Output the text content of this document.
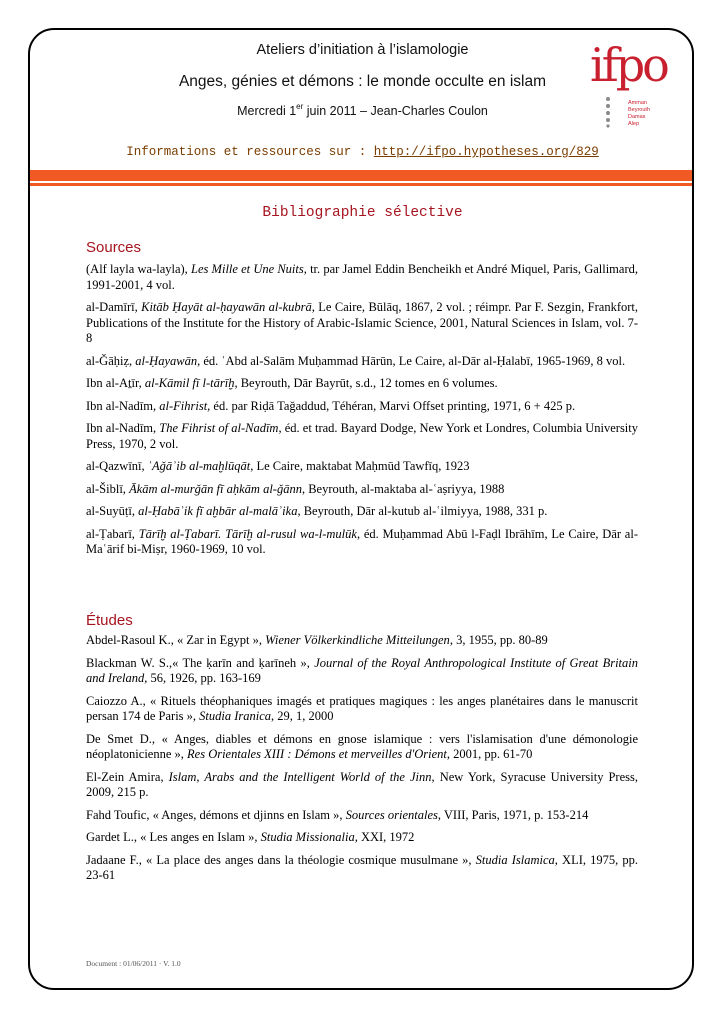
Ateliers d’initiation à l’islamologie
Anges, génies et démons : le monde occulte en islam
Mercredi 1er juin 2011 – Jean-Charles Coulon
ifpo
Amman
Beyrouth
Damas
Alep
Informations et ressources sur : http://ifpo.hypotheses.org/829
Bibliographie sélective
Sources

(Alf layla wa-layla), Les Mille et Une Nuits, tr. par Jamel Eddin Bencheikh et André Miquel, Paris, Gallimard, 1991-2001, 4 vol.

al-Damīrī, Kitāb Ḥayāt al-ḥayawān al-kubrā, Le Caire, Būlāq, 1867, 2 vol. ; réimpr. Par F. Sezgin, Frankfort, Publications of the Institute for the History of Arabic-Islamic Science, 2001, Natural Sciences in Islam, vol. 7-8

al-Ǧāḥiẓ, al-Ḥayawān, éd. ʿAbd al-Salām Muḥammad Hārūn, Le Caire, al-Dār al-Ḥalabī, 1965-1969, 8 vol.

Ibn al-Aṯīr, al-Kāmil fī l-tārīḫ, Beyrouth, Dār Bayrūt, s.d., 12 tomes en 6 volumes.

Ibn al-Nadīm, al-Fihrist, éd. par Riḍā Taǧaddud, Téhéran, Marvi Offset printing, 1971, 6 + 425 p.

Ibn al-Nadīm, The Fihrist of al-Nadīm, éd. et trad. Bayard Dodge, New York et Londres, Columbia University Press, 1970, 2 vol.

al-Qazwīnī, ʿAǧāʾib al-maḫlūqāt, Le Caire, maktabat Maḥmūd Tawfīq, 1923

al-Šiblī, Ākām al-murǧān fī aḥkām al-ǧānn, Beyrouth, al-maktaba al-ʿaṣriyya, 1988

al-Suyūṭī, al-Ḥabāʾik fī aḫbār al-malāʾika, Beyrouth, Dār al-kutub al-ʿilmiyya, 1988, 331 p.

al-Ṭabarī, Tārīḫ al-Ṭabarī. Tārīḫ al-rusul wa-l-mulūk, éd. Muḥammad Abū l-Faḍl Ibrāhīm, Le Caire, Dār al-Maʿārif bi-Miṣr, 1960-1969, 10 vol.

Études

Abdel-Rasoul K., « Zar in Egypt », Wiener Völkerkindliche Mitteilungen, 3, 1955, pp. 80-89

Blackman W. S.,« The ḳarīn and ḳarīneh », Journal of the Royal Anthropological Institute of Great Britain and Ireland, 56, 1926, pp. 163-169

Caiozzo A., « Rituels théophaniques imagés et pratiques magiques : les anges planétaires dans le manuscrit persan 174 de Paris », Studia Iranica, 29, 1, 2000

De Smet D., « Anges, diables et démons en gnose islamique : vers l'islamisation d'une démonologie néoplatonicienne », Res Orientales XIII : Démons et merveilles d'Orient, 2001, pp. 61-70

El-Zein Amira, Islam, Arabs and the Intelligent World of the Jinn, New York, Syracuse University Press, 2009, 215 p.

Fahd Toufic, « Anges, démons et djinns en Islam », Sources orientales, VIII, Paris, 1971, p. 153-214

Gardet L., « Les anges en Islam », Studia Missionalia, XXI, 1972

Jadaane F., « La place des anges dans la théologie cosmique musulmane », Studia Islamica, XLI, 1975, pp. 23-61

Document : 01/06/2011 · V. 1.0
